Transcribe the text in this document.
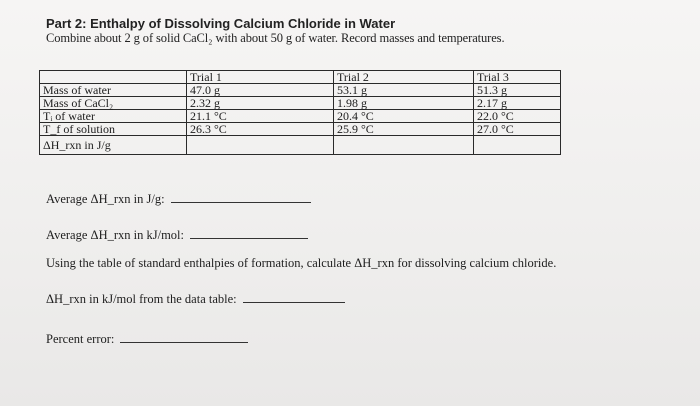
Part 2: Enthalpy of Dissolving Calcium Chloride in Water
Combine about 2 g of solid CaCl₂ with about 50 g of water. Record masses and temperatures.
	Trial 1	Trial 2	Trial 3
Mass of water	47.0 g	53.1 g	51.3 g
Mass of CaCl₂	2.32 g	1.98 g	2.17 g
Tᵢ of water	21.1 °C	20.4 °C	22.0 °C
T_f of solution	26.3 °C	25.9 °C	27.0 °C
ΔH_rxn in J/g			
Average ΔH_rxn in J/g:
Average ΔH_rxn in kJ/mol:
Using the table of standard enthalpies of formation, calculate ΔH_rxn for dissolving calcium chloride.
ΔH_rxn in kJ/mol from the data table:
Percent error:
